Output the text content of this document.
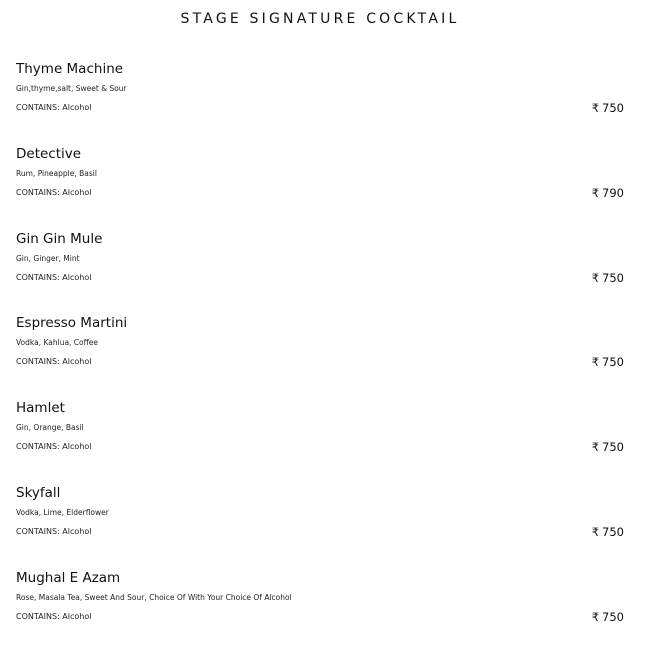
STAGE SIGNATURE COCKTAIL
Thyme Machine
Gin,thyme,salt, Sweet & Sour
CONTAINS: Alcohol	₹ 750
Detective
Rum, Pineapple, Basil
CONTAINS: Alcohol	₹ 790
Gin Gin Mule
Gin, Ginger, Mint
CONTAINS: Alcohol	₹ 750
Espresso Martini
Vodka, Kahlua, Coffee
CONTAINS: Alcohol	₹ 750
Hamlet
Gin, Orange, Basil
CONTAINS: Alcohol	₹ 750
Skyfall
Vodka, Lime, Elderflower
CONTAINS: Alcohol	₹ 750
Mughal E Azam
Rose, Masala Tea, Sweet And Sour, Choice Of With Your Choice Of Alcohol
CONTAINS: Alcohol	₹ 750
